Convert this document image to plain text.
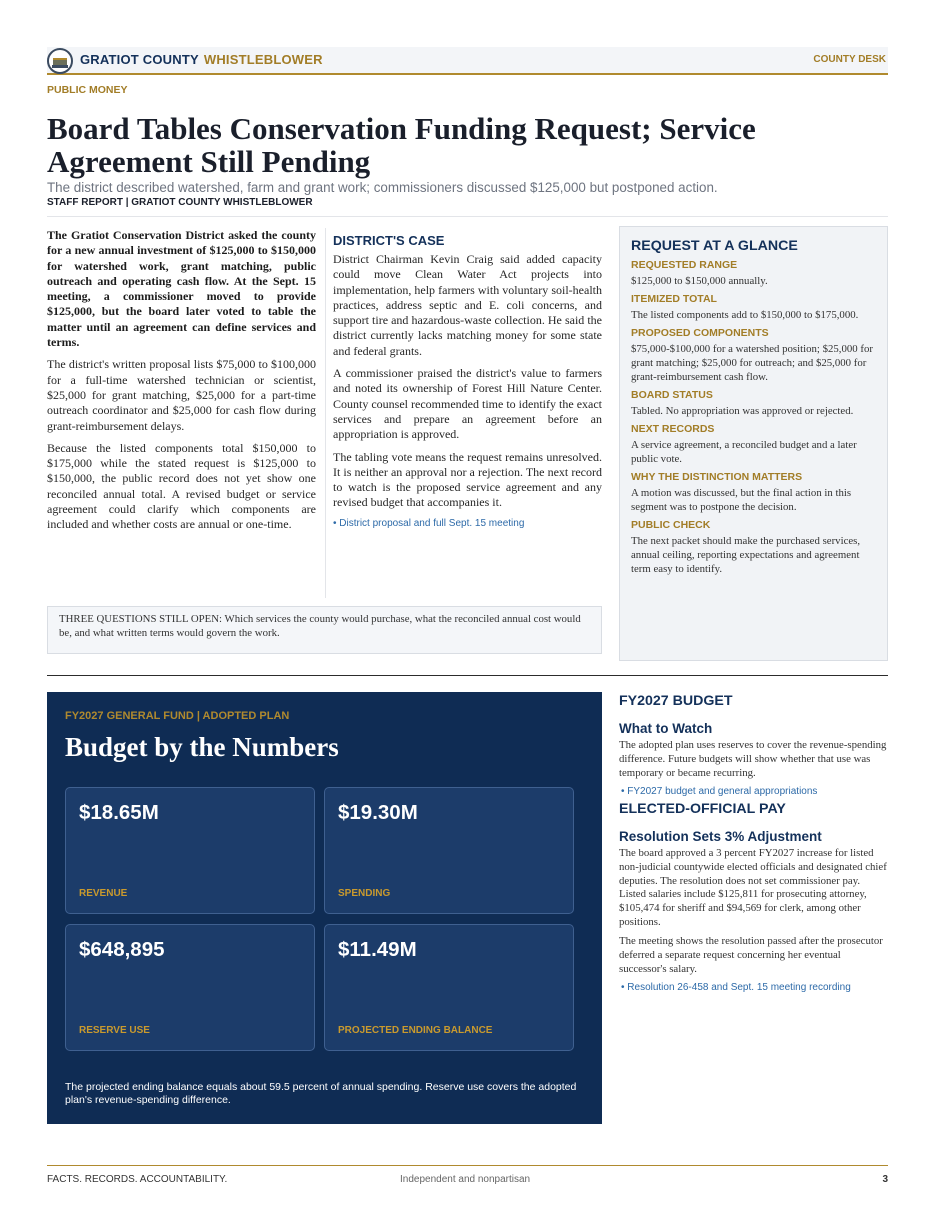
GRATIOT COUNTY WHISTLEBLOWER	COUNTY DESK
PUBLIC MONEY
Board Tables Conservation Funding Request; Service Agreement Still Pending
The district described watershed, farm and grant work; commissioners discussed $125,000 but postponed action.
STAFF REPORT | GRATIOT COUNTY WHISTLEBLOWER

The Gratiot Conservation District asked the county for a new annual investment of $125,000 to $150,000 for watershed work, grant matching, public outreach and operating cash flow. At the Sept. 15 meeting, a commissioner moved to provide $125,000, but the board later voted to table the matter until an agreement can define services and terms.

The district's written proposal lists $75,000 to $100,000 for a full-time watershed technician or scientist, $25,000 for grant matching, $25,000 for a part-time outreach coordinator and $25,000 for cash flow during grant-reimbursement delays.

Because the listed components total $150,000 to $175,000 while the stated request is $125,000 to $150,000, the public record does not yet show one reconciled annual total. A revised budget or service agreement could clarify which components are included and whether costs are annual or one-time.

DISTRICT'S CASE

District Chairman Kevin Craig said added capacity could move Clean Water Act projects into implementation, help farmers with voluntary soil-health practices, address septic and E. coli concerns, and support tire and hazardous-waste collection. He said the district currently lacks matching money for some state and federal grants.

A commissioner praised the district's value to farmers and noted its ownership of Forest Hill Nature Center. County counsel recommended time to identify the exact services and prepare an agreement before an appropriation is approved.

The tabling vote means the request remains unresolved. It is neither an approval nor a rejection. The next record to watch is the proposed service agreement and any revised budget that accompanies it.

• District proposal and full Sept. 15 meeting
REQUEST AT A GLANCE
REQUESTED RANGE
$125,000 to $150,000 annually.
ITEMIZED TOTAL
The listed components add to $150,000 to $175,000.
PROPOSED COMPONENTS
$75,000-$100,000 for a watershed position; $25,000 for grant matching; $25,000 for outreach; and $25,000 for grant-reimbursement cash flow.
BOARD STATUS
Tabled. No appropriation was approved or rejected.
NEXT RECORDS
A service agreement, a reconciled budget and a later public vote.
WHY THE DISTINCTION MATTERS
A motion was discussed, but the final action in this segment was to postpone the decision.
PUBLIC CHECK
The next packet should make the purchased services, annual ceiling, reporting expectations and agreement term easy to identify.
THREE QUESTIONS STILL OPEN: Which services the county would purchase, what the reconciled annual cost would be, and what written terms would govern the work.
FY2027 GENERAL FUND | ADOPTED PLAN
Budget by the Numbers
$18.65M
REVENUE
$19.30M
SPENDING
$648,895
RESERVE USE
$11.49M
PROJECTED ENDING BALANCE
The projected ending balance equals about 59.5 percent of annual spending. Reserve use covers the adopted plan's revenue-spending difference.
FY2027 BUDGET
What to Watch

The adopted plan uses reserves to cover the revenue-spending difference. Future budgets will show whether that use was temporary or became recurring.

• FY2027 budget and general appropriations
ELECTED-OFFICIAL PAY
Resolution Sets 3% Adjustment

The board approved a 3 percent FY2027 increase for listed non-judicial countywide elected officials and designated chief deputies. The resolution does not set commissioner pay. Listed salaries include $125,811 for prosecuting attorney, $105,474 for sheriff and $94,569 for clerk, among other positions.

The meeting shows the resolution passed after the prosecutor deferred a separate request concerning her eventual successor's salary.

• Resolution 26-458 and Sept. 15 meeting recording
FACTS. RECORDS. ACCOUNTABILITY.	Independent and nonpartisan	3
